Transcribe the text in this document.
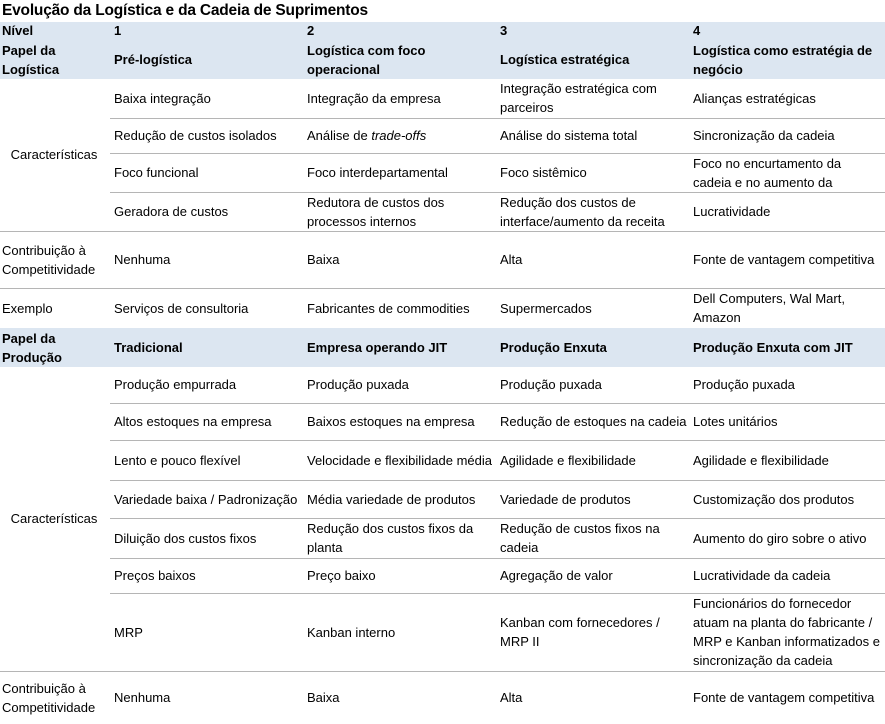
Evolução da Logística e da Cadeia de Suprimentos
Nível	1	2	3	4
Papel da Logística	Pré-logística	Logística com foco operacional	Logística estratégica	Logística como estratégia de negócio
Características	Baixa integração	Integração da empresa	Integração estratégica com parceiros	Alianças estratégicas
	Redução de custos isolados	Análise de trade-offs	Análise do sistema total	Sincronização da cadeia
	Foco funcional	Foco interdepartamental	Foco sistêmico	Foco no encurtamento da cadeia e no aumento da
	Geradora de custos	Redutora de custos dos processos internos	Redução dos custos de interface/aumento da receita	Lucratividade
Contribuição à Competitividade	Nenhuma	Baixa	Alta	Fonte de vantagem competitiva
Exemplo	Serviços de consultoria	Fabricantes de commodities	Supermercados	Dell Computers, Wal Mart, Amazon
Papel da Produção	Tradicional	Empresa operando JIT	Produção Enxuta	Produção Enxuta com JIT
Características	Produção empurrada	Produção puxada	Produção puxada	Produção puxada
	Altos estoques na empresa	Baixos estoques na empresa	Redução de estoques na cadeia	Lotes unitários
	Lento e pouco flexível	Velocidade e flexibilidade média	Agilidade e flexibilidade	Agilidade e flexibilidade
	Variedade baixa / Padronização	Média variedade de produtos	Variedade de produtos	Customização dos produtos
	Diluição dos custos fixos	Redução dos custos fixos da planta	Redução de custos fixos na cadeia	Aumento do giro sobre o ativo
	Preços baixos	Preço baixo	Agregação de valor	Lucratividade da cadeia
	MRP	Kanban interno	Kanban com fornecedores / MRP II	Funcionários do fornecedor atuam na planta do fabricante / MRP e Kanban informatizados e sincronização da cadeia
Contribuição à Competitividade	Nenhuma	Baixa	Alta	Fonte de vantagem competitiva
